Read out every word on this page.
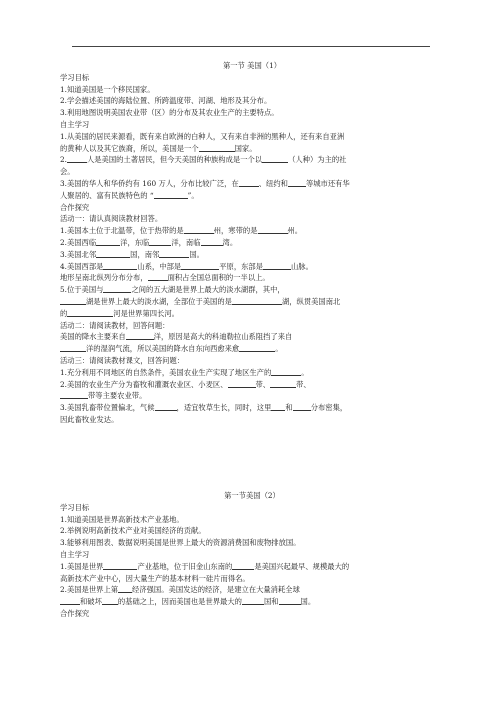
第一节 美国（1）
学习目标
1.知道美国是一个移民国家。
2.学会描述美国的海陆位置、所跨温度带、河湖、地形及其分布。
3.利用地图说明美国农业带（区）的分布及其农业生产的主要特点。
自主学习
1.从美国的居民来源看，既有来自欧洲的白种人，又有来自非洲的黑种人，还有来自亚洲
的黄种人以及其它族裔，所以，美国是一个	国家。
2.	人是美国的土著居民，但今天美国的种族构成是一个以	（人种）为主的社
会。
3.美国的华人和华侨约有 160 万人，分布比较广泛，在	、纽约和 等城市还有华
人聚居的、富有民族特色的 “	”。
合作探究
活动一：请认真阅读教材回答。
1.美国本土位于北温带，位于热带的是	州，寒带的是	州。
2.美国西临	洋，东临	洋，南临	湾。
3.美国北邻	国，南邻	国。
4.美国西部是	山系，中部是	平原，东部是	山脉。
地形呈南北纵列分布分布，	面积占全国总面积的一半以上。
5.位于美国与	之间的五大湖是世界上最大的淡水湖群，其中，
湖是世界上最大的淡水湖，全部位于美国的是	湖，纵贯美国南北
的	河是世界第四长河。
活动二：请阅读教材，回答问题：
美国的降水主要来自	洋，原因是高大的科迪勒拉山系阻挡了来自
洋的湿润气流，所以美国的降水自东向西愈来愈	。
活动三：请阅读教材课文，回答问题：
1.充分利用不同地区的自然条件，美国农业生产实现了地区生产的	。
2.美国的农业生产分为畜牧和灌溉农业区、小麦区、	带、	带、
带等主要农业带。
3.美国乳畜带位置偏北，气候	，适宜牧草生长，同时，这里 和 分布密集，
因此畜牧业发达。
第一节美国（2）
学习目标
1.知道美国是世界高新技术产业基地。
2.举例说明高新技术产业对美国经济的贡献。
3.能够利用图表、数据说明美国是世界上最大的资源消费国和废物排放国。
自主学习
1.美国是世界	产业基地，位于旧金山东南的	是美国兴起最早、规模最大的
高新技术产业中心，因大量生产的基本材料一硅片而得名。
2.美国是世界上第 经济强国。美国发达的经济，是建立在大量消耗全球
和破坏 的基础之上，因而美国也是世界最大的	国和	国。
合作探究
